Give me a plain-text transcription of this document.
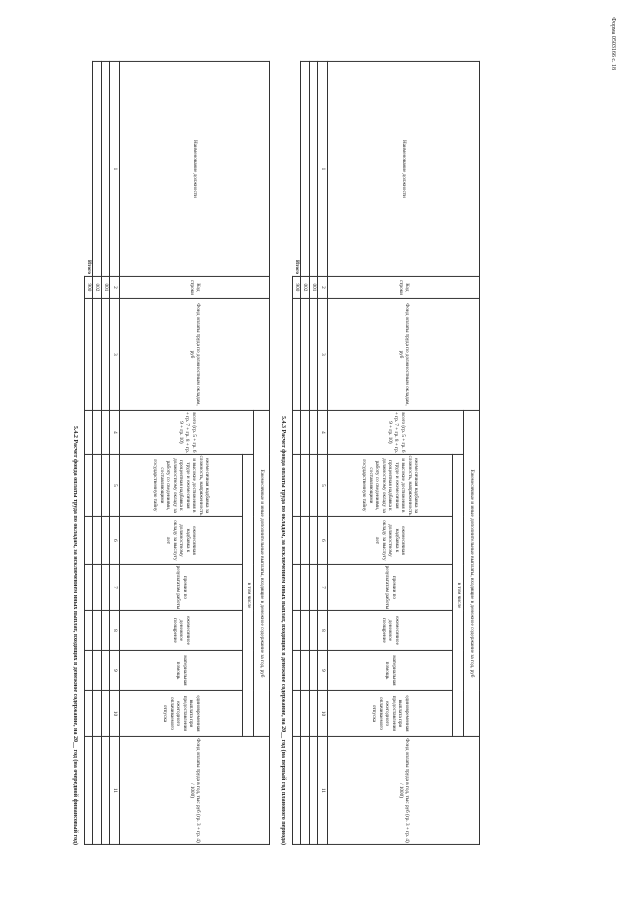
Форма 0503166 с. 18
5.4.2 Расчет фонда оплаты труда по окладам, за исключением иных выплат, входящих в денежное содержание, на 20__ год (на очередной финансовый год)
Наименование должности	Код строки	Фонд оплаты труда по должностным окладам, руб	Ежемесячные и иные дополнительные выплаты, входящие в денежное содержание за год, руб							Фонд оплаты труда в год, тыс руб (гр. 3 + гр. 4) / 1000)
			всего (гр. 5 + гр. 6 + гр. 7 + гр. 8 + гр. 9 + гр. 10)	в том числе						
				ежемесячная надбавка за сложность, напряженность и высокие достижения в труде и ежемесячная процентная надбавка к должностному окладу за работу со сведениями, составляющими государственную тайну	ежемесячная надбавка к должностному окладу за выслугу лет	премии по результатам работы	ежемесячное денежное поощрение	материальная помощь	единовременная выплата при предоставлении ежегодного оплачиваемого отпуска	
1	2	3	4	5	6	7	8	9	10	11
	001									
	002									
Итого	900									
5.4.3 Расчет фонда оплаты труда по окладам, за исключением иных выплат, входящих в денежное содержание, на 20__ год (на первый год планового периода)
Наименование должности	Код строки	Фонд оплаты труда по должностным окладам, руб	Ежемесячные и иные дополнительные выплаты, входящие в денежное содержание за год, руб							Фонд оплаты труда в год, тыс руб (гр. 3 + гр. 4) / 1000)
			всего (гр. 5 + гр. 6 + гр. 7 + гр. 8 + гр. 9 + гр. 10)	в том числе						
				ежемесячная надбавка за сложность, напряженность и высокие достижения в труде и ежемесячная процентная надбавка к должностному окладу за работу со сведениями, составляющими государственную тайну	ежемесячная надбавка к должностному окладу за выслугу лет	премии по результатам работы	ежемесячное денежное поощрение	материальная помощь	единовременная выплата при предоставлении ежегодного оплачиваемого отпуска	
1	2	3	4	5	6	7	8	9	10	11
	001									
	002									
Итого	900									
